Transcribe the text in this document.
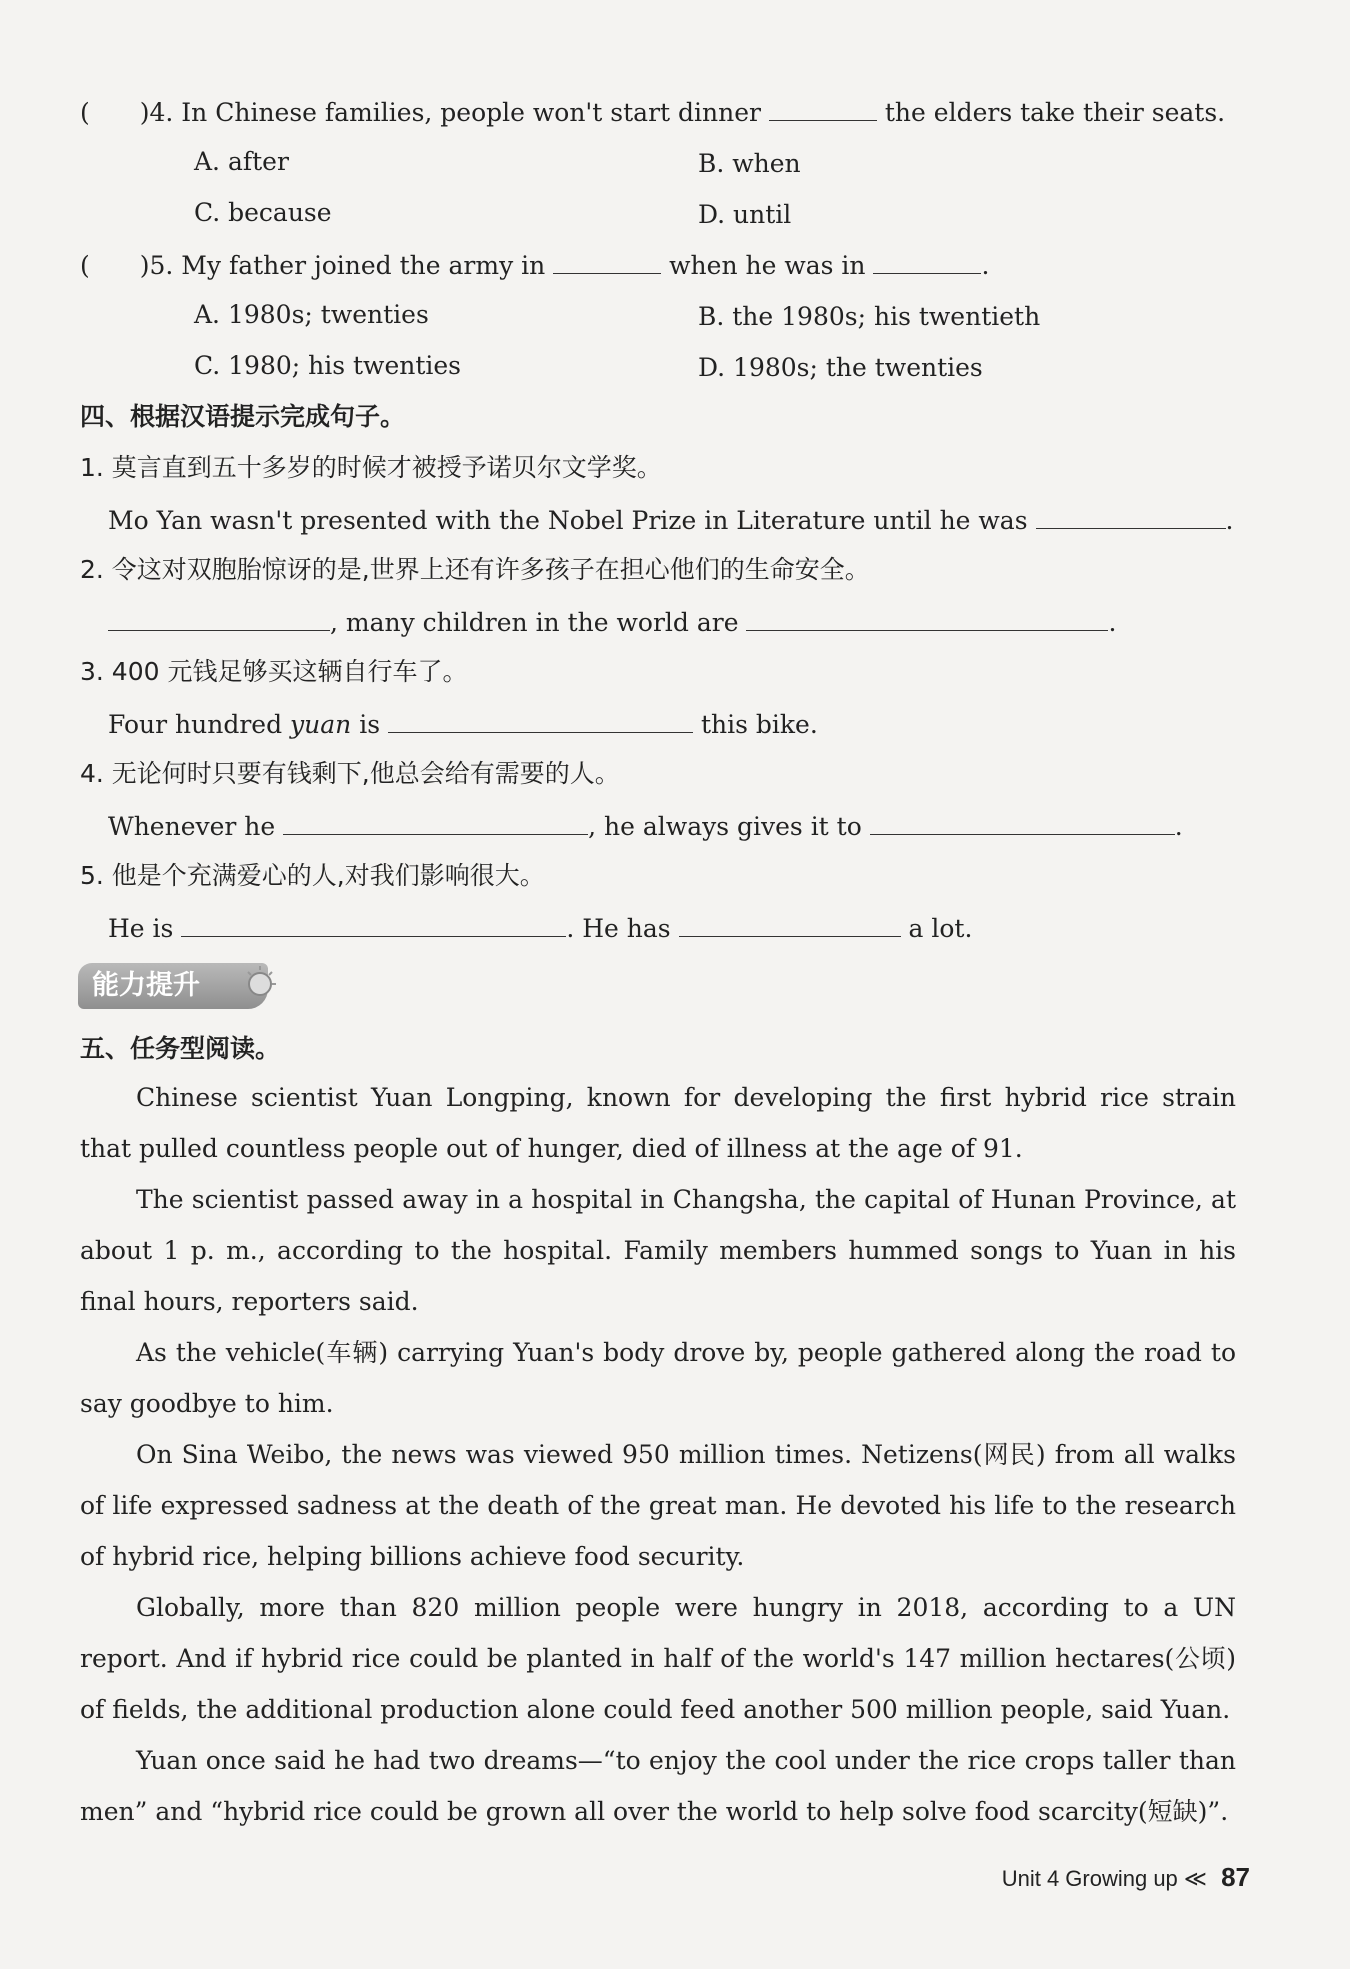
(　　)4. In Chinese families, people won't start dinner	the elders take their seats.
A. after	B. when
C. because	D. until
(　　)5. My father joined the army in	when he was in	.
A. 1980s; twenties	B. the 1980s; his twentieth
C. 1980; his twenties	D. 1980s; the twenties
四、根据汉语提示完成句子。
1. 莫言直到五十多岁的时候才被授予诺贝尔文学奖。
Mo Yan wasn't presented with the Nobel Prize in Literature until he was	.
2. 令这对双胞胎惊讶的是,世界上还有许多孩子在担心他们的生命安全。
, many children in the world are	.
3. 400 元钱足够买这辆自行车了。
Four hundred yuan is	this bike.
4. 无论何时只要有钱剩下,他总会给有需要的人。
Whenever he	, he always gives it to	.
5. 他是个充满爱心的人,对我们影响很大。
He is	. He has	a lot.
能力提升
五、任务型阅读。

Chinese scientist Yuan Longping, known for developing the first hybrid rice strain that pulled countless people out of hunger, died of illness at the age of 91.

The scientist passed away in a hospital in Changsha, the capital of Hunan Province, at about 1 p. m., according to the hospital. Family members hummed songs to Yuan in his final hours, reporters said.

As the vehicle(车辆) carrying Yuan's body drove by, people gathered along the road to say goodbye to him.

On Sina Weibo, the news was viewed 950 million times. Netizens(网民) from all walks of life expressed sadness at the death of the great man. He devoted his life to the research of hybrid rice, helping billions achieve food security.

Globally, more than 820 million people were hungry in 2018, according to a UN report. And if hybrid rice could be planted in half of the world's 147 million hectares(公顷) of fields, the additional production alone could feed another 500 million people, said Yuan.

Yuan once said he had two dreams—“to enjoy the cool under the rice crops taller than men” and “hybrid rice could be grown all over the world to help solve food scarcity(短缺)”.

Unit 4 Growing up ≪ 87
